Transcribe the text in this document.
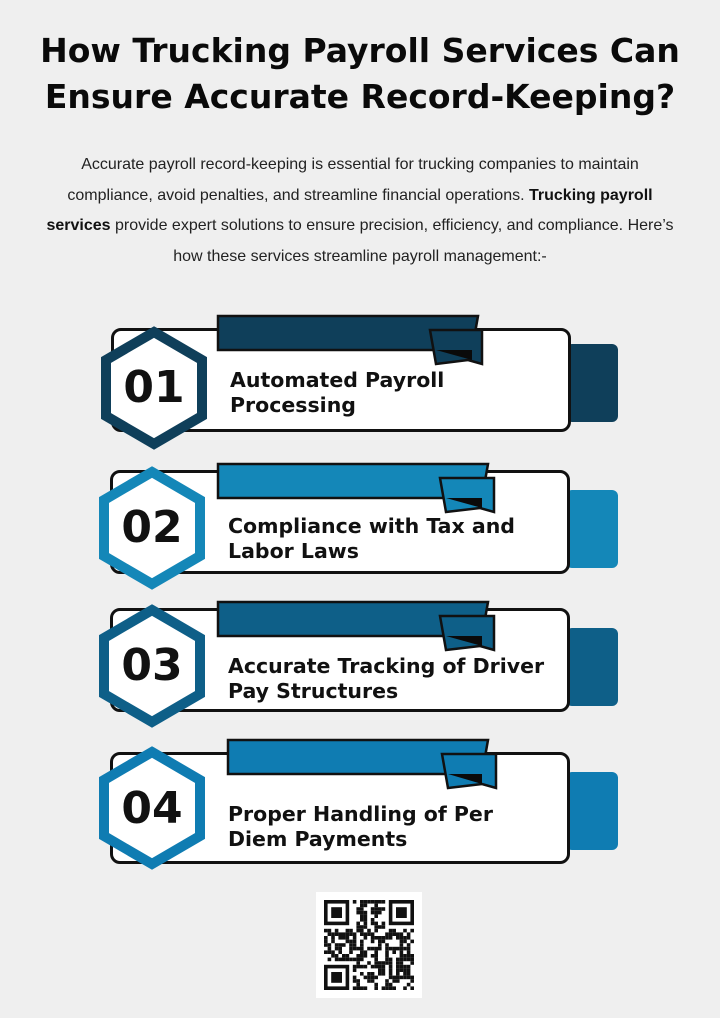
How Trucking Payroll Services Can Ensure Accurate Record-Keeping?
Accurate payroll record-keeping is essential for trucking companies to maintain compliance, avoid penalties, and streamline financial operations. Trucking payroll services provide expert solutions to ensure precision, efficiency, and compliance. Here’s how these services streamline payroll management:-
01	Automated Payroll Processing
02	Compliance with Tax and Labor Laws
03	Accurate Tracking of Driver Pay Structures
04	Proper Handling of Per Diem Payments
